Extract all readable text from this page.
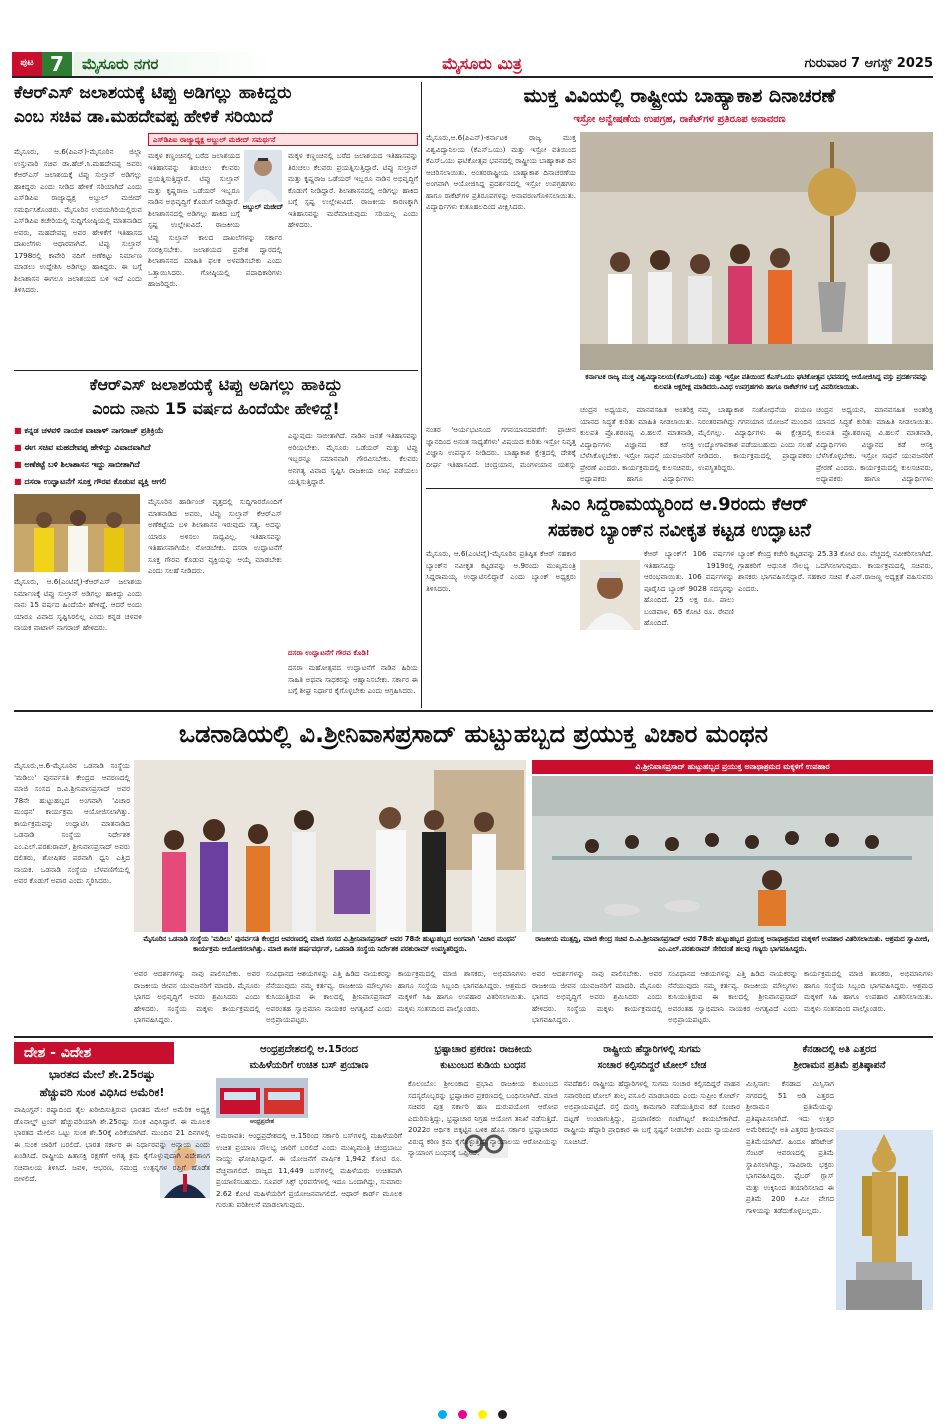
ಪುಟ 7	ಮೈಸೂರು ನಗರ	ಮೈಸೂರು ಮಿತ್ರ	ಗುರುವಾರ 7 ಆಗಸ್ಟ್ 2025
ಕೆಆರ್‌ಎಸ್ ಜಲಾಶಯಕ್ಕೆ ಟಿಪ್ಪು ಅಡಿಗಲ್ಲು ಹಾಕಿದ್ದರು
ಎಂಬ ಸಚಿವ ಡಾ.ಮಹದೇವಪ್ಪ ಹೇಳಿಕೆ ಸರಿಯಿದೆ
ಮೈಸೂರು, ಆ.6(ಪಿಎನ್)-ಮೈಸೂರಿನ ಜಿಲ್ಲಾ ಉಸ್ತುವಾರಿ ಸಚಿವ ಡಾ.ಹೆಚ್.ಸಿ.ಮಹದೇವಪ್ಪ ಅವರು ಕೆಆರ್‌ಎಸ್ ಜಲಾಶಯಕ್ಕೆ ಟಿಪ್ಪು ಸುಲ್ತಾನ್ ಅಡಿಗಲ್ಲು ಹಾಕಿದ್ದರು ಎಂದು ನೀಡಿದ ಹೇಳಿಕೆ ಸರಿಯಾಗಿದೆ ಎಂದು ಎಸ್‌ಡಿಪಿಐ ರಾಜ್ಯಾಧ್ಯಕ್ಷ ಅಬ್ದುಲ್ ಮಜೀದ್ ಸಮರ್ಥಿಸಿಕೊಂಡರು. ಮೈಸೂರಿನ ಉದಯಗಿರಿಯಲ್ಲಿರುವ ಎಸ್‌ಡಿಪಿಐ ಕಚೇರಿಯಲ್ಲಿ ಸುದ್ದಿಗೋಷ್ಠಿಯಲ್ಲಿ ಮಾತನಾಡಿದ ಅವರು, ಮಹದೇವಪ್ಪ ಅವರ ಹೇಳಿಕೆಗೆ ಇತಿಹಾಸದ ದಾಖಲೆಗಳು ಆಧಾರವಾಗಿವೆ. ಟಿಪ್ಪು ಸುಲ್ತಾನ್ 1798ರಲ್ಲಿ ಕಾವೇರಿ ನದಿಗೆ ಅಣೆಕಟ್ಟು ನಿರ್ಮಾಣ ಮಾಡಲು ಉದ್ದೇಶಿಸಿ ಅಡಿಗಲ್ಲು ಹಾಕಿದ್ದರು. ಈ ಬಗ್ಗೆ ಶಿಲಾಶಾಸನ ಈಗಲೂ ಜಲಾಶಯದ ಬಳಿ ಇದೆ ಎಂದು ತಿಳಿಸಿದರು.
ಎಸ್‌ಡಿಪಿಐ ರಾಜ್ಯಾಧ್ಯಕ್ಷ ಅಬ್ದುಲ್ ಮಜೀದ್ ಸಮರ್ಥನೆ
ಮಕ್ಕಳ ಕಣ್ಣಂಚಿನಲ್ಲಿ ಬರೆದ ಜಲಾಶಯದ ಇತಿಹಾಸವನ್ನು ತಿರುಚಲು ಕೆಲವರು ಪ್ರಯತ್ನಿಸುತ್ತಿದ್ದಾರೆ. ಟಿಪ್ಪು ಸುಲ್ತಾನ್ ಮತ್ತು ಕೃಷ್ಣರಾಜ ಒಡೆಯರ್ ಇಬ್ಬರೂ ನಾಡಿನ ಅಭಿವೃದ್ಧಿಗೆ ಕೊಡುಗೆ ನೀಡಿದ್ದಾರೆ. ಶಿಲಾಶಾಸನದಲ್ಲಿ ಅಡಿಗಲ್ಲು ಹಾಕಿದ ಬಗ್ಗೆ ಸ್ಪಷ್ಟ ಉಲ್ಲೇಖವಿದೆ. ರಾಜಕೀಯ
ಅಬ್ದುಲ್ ಮಜೀದ್
ಟಿಪ್ಪು ಸುಲ್ತಾನ್ ಕಾಲದ ದಾಖಲೆಗಳನ್ನು ಸರ್ಕಾರ ಸಂರಕ್ಷಿಸಬೇಕು. ಜಲಾಶಯದ ಪ್ರವೇಶ ದ್ವಾರದಲ್ಲಿ ಶಿಲಾಶಾಸನದ ಮಾಹಿತಿ ಫಲಕ ಅಳವಡಿಸಬೇಕು ಎಂದು ಒತ್ತಾಯಿಸಿದರು. ಗೋಷ್ಠಿಯಲ್ಲಿ ಪದಾಧಿಕಾರಿಗಳು ಹಾಜರಿದ್ದರು.
ಮಕ್ಕಳ ಕಣ್ಣಂಚಿನಲ್ಲಿ ಬರೆದ ಜಲಾಶಯದ ಇತಿಹಾಸವನ್ನು ತಿರುಚಲು ಕೆಲವರು ಪ್ರಯತ್ನಿಸುತ್ತಿದ್ದಾರೆ. ಟಿಪ್ಪು ಸುಲ್ತಾನ್ ಮತ್ತು ಕೃಷ್ಣರಾಜ ಒಡೆಯರ್ ಇಬ್ಬರೂ ನಾಡಿನ ಅಭಿವೃದ್ಧಿಗೆ ಕೊಡುಗೆ ನೀಡಿದ್ದಾರೆ. ಶಿಲಾಶಾಸನದಲ್ಲಿ ಅಡಿಗಲ್ಲು ಹಾಕಿದ ಬಗ್ಗೆ ಸ್ಪಷ್ಟ ಉಲ್ಲೇಖವಿದೆ. ರಾಜಕೀಯ ಕಾರಣಕ್ಕಾಗಿ ಇತಿಹಾಸವನ್ನು ಮರೆಮಾಚುವುದು ಸರಿಯಲ್ಲ ಎಂದು ಹೇಳಿದರು.
ಕೆಆರ್‌ಎಸ್ ಜಲಾಶಯಕ್ಕೆ ಟಿಪ್ಪು ಅಡಿಗಲ್ಲು ಹಾಕಿದ್ದು
ಎಂದು ನಾನು 15 ವರ್ಷದ ಹಿಂದೆಯೇ ಹೇಳಿದ್ದೆ!
■ ಕನ್ನಡ ಚಳವಳಿ ನಾಯಕ ವಾಟಾಳ್ ನಾಗರಾಜ್ ಪ್ರತಿಕ್ರಿಯೆ
■ ಈಗ ಸಚಿವ ಮಹದೇವಪ್ಪ ಹೇಳಿದ್ದು ವಿವಾದವಾಗಿದೆ
■ ಅಣೆಕಟ್ಟೆ ಬಳಿ ಶಿಲಾಶಾಸನ ಇದ್ದು ಸಾಬೀತಾಗಿದೆ
■ ದಸರಾ ಉದ್ಘಾಟನೆಗೆ ಸೂಕ್ತ ಗೌರವ ಕೊಡುವ ವ್ಯಕ್ತಿ ಆಗಲಿ
ಮೈಸೂರು, ಆ.6(ಎಂಟಿವೈ)-ಕೆಆರ್‌ಎಸ್ ಜಲಾಶಯ ನಿರ್ಮಾಣಕ್ಕೆ ಟಿಪ್ಪು ಸುಲ್ತಾನ್ ಅಡಿಗಲ್ಲು ಹಾಕಿದ್ದು ಎಂದು ನಾನು 15 ವರ್ಷದ ಹಿಂದೆಯೇ ಹೇಳಿದ್ದೆ. ಆದರೆ ಅಂದು ಯಾರೂ ವಿವಾದ ಸೃಷ್ಟಿಸಿರಲಿಲ್ಲ ಎಂದು ಕನ್ನಡ ಚಳವಳಿ ನಾಯಕ ವಾಟಾಳ್ ನಾಗರಾಜ್ ಹೇಳಿದರು.
ಮೈಸೂರಿನ ಹಾರ್ಡಿಂಜ್ ವೃತ್ತದಲ್ಲಿ ಸುದ್ದಿಗಾರರೊಂದಿಗೆ ಮಾತನಾಡಿದ ಅವರು, ಟಿಪ್ಪು ಸುಲ್ತಾನ್ ಕೆಆರ್‌ಎಸ್ ಅಣೆಕಟ್ಟೆಯ ಬಳಿ ಶಿಲಾಶಾಸನ ಇರುವುದು ಸತ್ಯ. ಅದನ್ನು ಯಾರೂ ಅಳಿಸಲು ಸಾಧ್ಯವಿಲ್ಲ. ಇತಿಹಾಸವನ್ನು ಇತಿಹಾಸವಾಗಿಯೇ ನೋಡಬೇಕು. ದಸರಾ ಉದ್ಘಾಟನೆಗೆ ಸೂಕ್ತ ಗೌರವ ಕೊಡುವ ವ್ಯಕ್ತಿಯನ್ನು ಆಯ್ಕೆ ಮಾಡಬೇಕು ಎಂದು ಸಲಹೆ ನೀಡಿದರು.
ಎನ್ನುವುದು ಸಾಬೀತಾಗಿದೆ. ನಾಡಿನ ಜನತೆ ಇತಿಹಾಸವನ್ನು ಅರಿಯಬೇಕು. ಮೈಸೂರು ಒಡೆಯರ್ ಮತ್ತು ಟಿಪ್ಪು ಇಬ್ಬರನ್ನೂ ಸಮಾನವಾಗಿ ಗೌರವಿಸಬೇಕು. ಕೆಲವರು ಅನಗತ್ಯ ವಿವಾದ ಸೃಷ್ಟಿಸಿ ರಾಜಕೀಯ ಲಾಭ ಪಡೆಯಲು ಯತ್ನಿಸುತ್ತಿದ್ದಾರೆ.
ದಸರಾ ಉದ್ಘಾಟನೆಗೆ ಗೌರವ ಕೊಡಿ!
ದಸರಾ ಮಹೋತ್ಸವದ ಉದ್ಘಾಟನೆಗೆ ನಾಡಿನ ಹಿರಿಯ ಸಾಹಿತಿ ಅಥವಾ ಸಾಧಕರನ್ನು ಆಹ್ವಾನಿಸಬೇಕು. ಸರ್ಕಾರ ಈ ಬಗ್ಗೆ ಶೀಘ್ರ ನಿರ್ಧಾರ ಕೈಗೊಳ್ಳಬೇಕು ಎಂದು ಆಗ್ರಹಿಸಿದರು.
ಮುಕ್ತ ವಿವಿಯಲ್ಲಿ ರಾಷ್ಟ್ರೀಯ ಬಾಹ್ಯಾಕಾಶ ದಿನಾಚರಣೆ
ಇಸ್ರೋ ಅನ್ವೇಷಣೆಯ ಉಪಗ್ರಹ, ರಾಕೆಟ್‌ಗಳ ಪ್ರತಿರೂಪ ಅನಾವರಣ
ಮೈಸೂರು,ಆ.6(ಪಿಎನ್)-ಕರ್ನಾಟಕ ರಾಜ್ಯ ಮುಕ್ತ ವಿಶ್ವವಿದ್ಯಾನಿಲಯ (ಕೆಎಸ್‌ಒಯು) ಮತ್ತು ಇಸ್ರೋ ವತಿಯಿಂದ ಕೆಎಸ್‌ಒಯು ಘಟಿಕೋತ್ಸವ ಭವನದಲ್ಲಿ ರಾಷ್ಟ್ರೀಯ ಬಾಹ್ಯಾಕಾಶ ದಿನ ಆಚರಿಸಲಾಯಿತು. ಅಂತರರಾಷ್ಟ್ರೀಯ ಬಾಹ್ಯಾಕಾಶ ದಿನಾಚರಣೆಯ ಅಂಗವಾಗಿ ಆಯೋಜಿಸಿದ್ದ ಪ್ರದರ್ಶನದಲ್ಲಿ ಇಸ್ರೋ ಉಪಗ್ರಹಗಳು ಹಾಗೂ ರಾಕೆಟ್‌ಗಳ ಪ್ರತಿರೂಪಗಳನ್ನು ಅನಾವರಣಗೊಳಿಸಲಾಯಿತು. ವಿದ್ಯಾರ್ಥಿಗಳು ಕುತೂಹಲದಿಂದ ವೀಕ್ಷಿಸಿದರು.
ನಂತರ 'ಆರ್ಯಭಟನಿಂದ ಗಗನಯಾನದವರೆಗೆ: ಪ್ರಾಚೀನ ಜ್ಞಾನದಿಂದ ಅನಂತ ಸಾಧ್ಯತೆಗಳು' ವಿಷಯದ ಕುರಿತು ಇಸ್ರೋ ನಿವೃತ್ತ ವಿಜ್ಞಾನಿ ಉಪನ್ಯಾಸ ನೀಡಿದರು. ಬಾಹ್ಯಾಕಾಶ ಕ್ಷೇತ್ರದಲ್ಲಿ ದೇಶಕ್ಕೆ ದೀರ್ಘ ಇತಿಹಾಸವಿದೆ. ಚಂದ್ರಯಾನ, ಮಂಗಳಯಾನ ಯಶಸ್ಸು
ಕರ್ನಾಟಕ ರಾಜ್ಯ ಮುಕ್ತ ವಿಶ್ವವಿದ್ಯಾನಿಲಯ(ಕೆಎಸ್‌ಒಯು) ಮತ್ತು ಇಸ್ರೋ ವತಿಯಿಂದ ಕೆಎಸ್‌ಒಯು ಘಟಿಕೋತ್ಸವ ಭವನದಲ್ಲಿ ಆಯೋಜಿಸಿದ್ದ ವಸ್ತು ಪ್ರದರ್ಶನವನ್ನು ಕುಲಪತಿ ಅಕ್ಷರೀಕ್ಷ ಮಾಡಿದರು.ವಿವಿಧ ಉಪಗ್ರಹಗಳು ಹಾಗೂ ರಾಕೆಟ್‌ಗಳ ಬಗ್ಗೆ ವಿವರಿಸಲಾಯಿತು.
ಚಂದ್ರನ ಅಧ್ಯಯನ, ಮಾನವಸಹಿತ ಅಂತರಿಕ್ಷ ಯಾನದ ಸಿದ್ಧತೆ ಕುರಿತು ಮಾಹಿತಿ ನೀಡಲಾಯಿತು. ಕುಲಪತಿ ಪ್ರೊ.ಶರಣಪ್ಪ ವಿ.ಹಲಸೆ ಮಾತನಾಡಿ, ವಿದ್ಯಾರ್ಥಿಗಳು ವಿಜ್ಞಾನದ ಕಡೆ ಆಸಕ್ತಿ ಬೆಳೆಸಿಕೊಳ್ಳಬೇಕು. ಇಸ್ರೋ ಸಾಧನೆ ಯುವಜನರಿಗೆ ಪ್ರೇರಣೆ ಎಂದರು. ಕಾರ್ಯಕ್ರಮದಲ್ಲಿ ಕುಲಸಚಿವರು, ಅಧ್ಯಾಪಕರು ಹಾಗೂ ವಿದ್ಯಾರ್ಥಿಗಳು
ನಮ್ಮ ಬಾಹ್ಯಾಕಾಶ ಸಂಶೋಧನೆಯ ಪಯಣ ನಿರಂತರವಾಗಿದ್ದು ಗಗನಯಾನ ಯೋಜನೆ ಮುಂದಿನ ಮೈಲಿಗಲ್ಲು. ವಿದ್ಯಾರ್ಥಿಗಳು ಈ ಕ್ಷೇತ್ರದಲ್ಲಿ ಉದ್ಯೋಗಾವಕಾಶ ಪಡೆಯಬಹುದು ಎಂದು ಸಲಹೆ ನೀಡಿದರು. ಕಾರ್ಯಕ್ರಮದಲ್ಲಿ ಪ್ರಾಧ್ಯಾಪಕರು ಉಪಸ್ಥಿತರಿದ್ದರು.
ಚಂದ್ರನ ಅಧ್ಯಯನ, ಮಾನವಸಹಿತ ಅಂತರಿಕ್ಷ ಯಾನದ ಸಿದ್ಧತೆ ಕುರಿತು ಮಾಹಿತಿ ನೀಡಲಾಯಿತು. ಕುಲಪತಿ ಪ್ರೊ.ಶರಣಪ್ಪ ವಿ.ಹಲಸೆ ಮಾತನಾಡಿ, ವಿದ್ಯಾರ್ಥಿಗಳು ವಿಜ್ಞಾನದ ಕಡೆ ಆಸಕ್ತಿ ಬೆಳೆಸಿಕೊಳ್ಳಬೇಕು. ಇಸ್ರೋ ಸಾಧನೆ ಯುವಜನರಿಗೆ ಪ್ರೇರಣೆ ಎಂದರು. ಕಾರ್ಯಕ್ರಮದಲ್ಲಿ ಕುಲಸಚಿವರು, ಅಧ್ಯಾಪಕರು ಹಾಗೂ ವಿದ್ಯಾರ್ಥಿಗಳು
ಸಿಎಂ ಸಿದ್ದರಾಮಯ್ಯರಿಂದ ಆ.9ರಂದು ಕೆಆರ್
ಸಹಕಾರ ಬ್ಯಾಂಕ್‌ನ ನವೀಕೃತ ಕಟ್ಟಡ ಉದ್ಘಾಟನೆ
ಮೈಸೂರು, ಆ.6(ಎಂಟಿವೈ)-ಮೈಸೂರಿನ ಪ್ರತಿಷ್ಠಿತ ಕೆಆರ್ ಸಹಕಾರ ಬ್ಯಾಂಕ್‌ನ ನವೀಕೃತ ಕಟ್ಟಡವನ್ನು ಆ.9ರಂದು ಮುಖ್ಯಮಂತ್ರಿ ಸಿದ್ದರಾಮಯ್ಯ ಉದ್ಘಾಟಿಸಲಿದ್ದಾರೆ ಎಂದು ಬ್ಯಾಂಕ್ ಅಧ್ಯಕ್ಷರು ತಿಳಿಸಿದರು.
ಕೆಆರ್ ಬ್ಯಾಂಕ್‌ಗೆ 106 ವರ್ಷಗಳ ಇತಿಹಾಸವಿದ್ದು 1919ರಲ್ಲಿ ಆರಂಭವಾಯಿತು. 106 ವರ್ಷಗಳನ್ನು ಪೂರೈಸಿದ ಬ್ಯಾಂಕ್ 9028 ಸದಸ್ಯರನ್ನು ಹೊಂದಿದೆ. 25 ಲಕ್ಷ ರೂ. ಪಾಲು ಬಂಡವಾಳ, 65 ಕೋಟಿ ರೂ. ಠೇವಣಿ ಹೊಂದಿದೆ.
ಬ್ಯಾಂಕ್ ಕೇಂದ್ರ ಕಚೇರಿ ಕಟ್ಟಡವನ್ನು 25.33 ಕೋಟಿ ರೂ. ವೆಚ್ಚದಲ್ಲಿ ನವೀಕರಿಸಲಾಗಿದೆ. ಗ್ರಾಹಕರಿಗೆ ಆಧುನಿಕ ಸೌಲಭ್ಯ ಒದಗಿಸಲಾಗುವುದು. ಕಾರ್ಯಕ್ರಮದಲ್ಲಿ ಸಚಿವರು, ಶಾಸಕರು ಭಾಗವಹಿಸಲಿದ್ದಾರೆ. ಸಹಕಾರ ಸಚಿವ ಕೆ.ಎನ್.ರಾಜಣ್ಣ ಅಧ್ಯಕ್ಷತೆ ವಹಿಸುವರು ಎಂದರು.
ಒಡನಾಡಿಯಲ್ಲಿ ವಿ.ಶ್ರೀನಿವಾಸಪ್ರಸಾದ್ ಹುಟ್ಟುಹಬ್ಬದ ಪ್ರಯುಕ್ತ ವಿಚಾರ ಮಂಥನ
ಮೈಸೂರು,ಆ.6-ಮೈಸೂರಿನ ಒಡನಾಡಿ ಸಂಸ್ಥೆಯ 'ಮಡಿಲು' ಪುನರ್ವಸತಿ ಕೇಂದ್ರದ ಆವರಣದಲ್ಲಿ ಮಾಜಿ ಸಂಸದ ದಿ.ವಿ.ಶ್ರೀನಿವಾಸಪ್ರಸಾದ್ ಅವರ 78ನೇ ಹುಟ್ಟುಹಬ್ಬದ ಅಂಗವಾಗಿ 'ವಿಚಾರ ಮಂಥನ' ಕಾರ್ಯಕ್ರಮ ಆಯೋಜಿಸಲಾಗಿತ್ತು. ಕಾರ್ಯಕ್ರಮವನ್ನು ಉದ್ಘಾಟಿಸಿ ಮಾತನಾಡಿದ ಒಡನಾಡಿ ಸಂಸ್ಥೆಯ ನಿರ್ದೇಶಕ ಎಂ.ಎಲ್.ಪರಶುರಾಮ್, ಶ್ರೀನಿವಾಸಪ್ರಸಾದ್ ಅವರು ದಲಿತರು, ಶೋಷಿತರ ಪರವಾಗಿ ಧ್ವನಿ ಎತ್ತಿದ ನಾಯಕ. ಒಡನಾಡಿ ಸಂಸ್ಥೆಯ ಬೆಳವಣಿಗೆಯಲ್ಲಿ ಅವರ ಕೊಡುಗೆ ಅಪಾರ ಎಂದು ಸ್ಮರಿಸಿದರು.
ಮೈಸೂರಿನ ಒಡನಾಡಿ ಸಂಸ್ಥೆಯ 'ಮಡಿಲು' ಪುನರ್ವಸತಿ ಕೇಂದ್ರದ ಆವರಣದಲ್ಲಿ ಮಾಜಿ ಸಂಸದ ವಿ.ಶ್ರೀನಿವಾಸಪ್ರಸಾದ್ ಅವರ 78ನೇ ಹುಟ್ಟುಹಬ್ಬದ ಅಂಗವಾಗಿ 'ವಿಚಾರ ಮಂಥನ' ಕಾರ್ಯಕ್ರಮ ಆಯೋಜಿಸಲಾಗಿತ್ತು. ಮಾಜಿ ಶಾಸಕ ಹರ್ಷವರ್ಧನ್, ಒಡನಾಡಿ ಸಂಸ್ಥೆಯ ನಿರ್ದೇಶಕ ಪರಶುರಾಮ್ ಉಪಸ್ಥಿತರಿದ್ದರು.
ವಿ.ಶ್ರೀನಿವಾಸಪ್ರಸಾದ್ ಹುಟ್ಟುಹಬ್ಬದ ಪ್ರಯುಕ್ತ ಅನಾಥಾಶ್ರಮದ ಮಕ್ಕಳಿಗೆ ಉಪಹಾರ
ರಾಜಕೀಯ ಮುತ್ಸದ್ದಿ, ಮಾಜಿ ಕೇಂದ್ರ ಸಚಿವ ದಿ.ವಿ.ಶ್ರೀನಿವಾಸಪ್ರಸಾದ್ ಅವರ 78ನೇ ಹುಟ್ಟುಹಬ್ಬದ ಪ್ರಯುಕ್ತ ಅನಾಥಾಶ್ರಮದ ಮಕ್ಕಳಿಗೆ ಉಪಹಾರ ವಿತರಿಸಲಾಯಿತು. ಆಶ್ರಮದ ಸ್ವಾಮೀಜಿ, ಎಂ.ಎಲ್.ಪರಶುರಾಮ್ ಸೇರಿದಂತೆ ಹಲವು ಗಣ್ಯರು ಭಾಗವಹಿಸಿದ್ದರು.
ಅವರ ಆದರ್ಶಗಳನ್ನು ನಾವು ಪಾಲಿಸಬೇಕು. ಅವರ ರಾಜಕೀಯ ಜೀವನ ಯುವಜನರಿಗೆ ಮಾದರಿ. ಮೈಸೂರು ಭಾಗದ ಅಭಿವೃದ್ಧಿಗೆ ಅವರು ಶ್ರಮಿಸಿದರು ಎಂದು ಹೇಳಿದರು. ಸಂಸ್ಥೆಯ ಮಕ್ಕಳು ಕಾರ್ಯಕ್ರಮದಲ್ಲಿ ಭಾಗವಹಿಸಿದ್ದರು.
ಸಂವಿಧಾನದ ಆಶಯಗಳನ್ನು ಎತ್ತಿ ಹಿಡಿದ ನಾಯಕರನ್ನು ನೆನೆಯುವುದು ನಮ್ಮ ಕರ್ತವ್ಯ. ರಾಜಕೀಯ ಮೌಲ್ಯಗಳು ಕುಸಿಯುತ್ತಿರುವ ಈ ಕಾಲದಲ್ಲಿ ಶ್ರೀನಿವಾಸಪ್ರಸಾದ್ ಅವರಂತಹ ಸ್ವಾಭಿಮಾನಿ ನಾಯಕರ ಅಗತ್ಯವಿದೆ ಎಂದು ಅಭಿಪ್ರಾಯಪಟ್ಟರು.
ಕಾರ್ಯಕ್ರಮದಲ್ಲಿ ಮಾಜಿ ಶಾಸಕರು, ಅಭಿಮಾನಿಗಳು ಹಾಗೂ ಸಂಸ್ಥೆಯ ಸಿಬ್ಬಂದಿ ಭಾಗವಹಿಸಿದ್ದರು. ಆಶ್ರಮದ ಮಕ್ಕಳಿಗೆ ಸಿಹಿ ಹಾಗೂ ಉಪಹಾರ ವಿತರಿಸಲಾಯಿತು. ಮಕ್ಕಳು ಸಂತಸದಿಂದ ಪಾಲ್ಗೊಂಡರು.
ಅವರ ಆದರ್ಶಗಳನ್ನು ನಾವು ಪಾಲಿಸಬೇಕು. ಅವರ ರಾಜಕೀಯ ಜೀವನ ಯುವಜನರಿಗೆ ಮಾದರಿ. ಮೈಸೂರು ಭಾಗದ ಅಭಿವೃದ್ಧಿಗೆ ಅವರು ಶ್ರಮಿಸಿದರು ಎಂದು ಹೇಳಿದರು. ಸಂಸ್ಥೆಯ ಮಕ್ಕಳು ಕಾರ್ಯಕ್ರಮದಲ್ಲಿ ಭಾಗವಹಿಸಿದ್ದರು.
ಸಂವಿಧಾನದ ಆಶಯಗಳನ್ನು ಎತ್ತಿ ಹಿಡಿದ ನಾಯಕರನ್ನು ನೆನೆಯುವುದು ನಮ್ಮ ಕರ್ತವ್ಯ. ರಾಜಕೀಯ ಮೌಲ್ಯಗಳು ಕುಸಿಯುತ್ತಿರುವ ಈ ಕಾಲದಲ್ಲಿ ಶ್ರೀನಿವಾಸಪ್ರಸಾದ್ ಅವರಂತಹ ಸ್ವಾಭಿಮಾನಿ ನಾಯಕರ ಅಗತ್ಯವಿದೆ ಎಂದು ಅಭಿಪ್ರಾಯಪಟ್ಟರು.
ಕಾರ್ಯಕ್ರಮದಲ್ಲಿ ಮಾಜಿ ಶಾಸಕರು, ಅಭಿಮಾನಿಗಳು ಹಾಗೂ ಸಂಸ್ಥೆಯ ಸಿಬ್ಬಂದಿ ಭಾಗವಹಿಸಿದ್ದರು. ಆಶ್ರಮದ ಮಕ್ಕಳಿಗೆ ಸಿಹಿ ಹಾಗೂ ಉಪಹಾರ ವಿತರಿಸಲಾಯಿತು. ಮಕ್ಕಳು ಸಂತಸದಿಂದ ಪಾಲ್ಗೊಂಡರು.
ದೇಶ - ವಿದೇಶ
ಭಾರತದ ಮೇಲೆ ಶೇ.25ರಷ್ಟು
ಹೆಚ್ಚುವರಿ ಸುಂಕ ವಿಧಿಸಿದ ಅಮೆರಿಕ!
ವಾಷಿಂಗ್ಟನ್: ರಷ್ಯಾದಿಂದ ತೈಲ ಖರೀದಿಸುತ್ತಿರುವ ಭಾರತದ ಮೇಲೆ ಅಮೆರಿಕ ಅಧ್ಯಕ್ಷ ಡೊನಾಲ್ಡ್ ಟ್ರಂಪ್ ಹೆಚ್ಚುವರಿಯಾಗಿ ಶೇ.25ರಷ್ಟು ಸುಂಕ ವಿಧಿಸಿದ್ದಾರೆ. ಈ ಮೂಲಕ ಭಾರತದ ಮೇಲಿನ ಒಟ್ಟು ಸುಂಕ ಶೇ.50ಕ್ಕೆ ಏರಿಕೆಯಾಗಿದೆ. ಮುಂದಿನ 21 ದಿನಗಳಲ್ಲಿ ಈ ಸುಂಕ ಜಾರಿಗೆ ಬರಲಿದೆ. ಭಾರತ ಸರ್ಕಾರ ಈ ನಿರ್ಧಾರವನ್ನು ಅನ್ಯಾಯ ಎಂದು ಖಂಡಿಸಿದೆ. ರಾಷ್ಟ್ರೀಯ ಹಿತಾಸಕ್ತಿ ರಕ್ಷಣೆಗೆ ಅಗತ್ಯ ಕ್ರಮ ಕೈಗೊಳ್ಳುವುದಾಗಿ ವಿದೇಶಾಂಗ ಸಚಿವಾಲಯ ತಿಳಿಸಿದೆ. ಜವಳಿ, ಆಭರಣ, ಸಮುದ್ರ ಉತ್ಪನ್ನಗಳ ರಫ್ತಿಗೆ ಹೊಡೆತ ಬೀಳಲಿದೆ.
ಆಂಧ್ರಪ್ರದೇಶದಲ್ಲಿ ಆ.15ರಂದ
ಮಹಿಳೆಯರಿಗೆ ಉಚಿತ ಬಸ್ ಪ್ರಯಾಣ
ಆಂಧ್ರಪ್ರದೇಶ
ಅಮರಾವತಿ: ಆಂಧ್ರಪ್ರದೇಶದಲ್ಲಿ ಆ.15ರಿಂದ ಸರ್ಕಾರಿ ಬಸ್‌ಗಳಲ್ಲಿ ಮಹಿಳೆಯರಿಗೆ ಉಚಿತ ಪ್ರಯಾಣ ಸೌಲಭ್ಯ ಜಾರಿಗೆ ಬರಲಿದೆ ಎಂದು ಮುಖ್ಯಮಂತ್ರಿ ಚಂದ್ರಬಾಬು ನಾಯ್ಡು ಘೋಷಿಸಿದ್ದಾರೆ. ಈ ಯೋಜನೆಗೆ ವಾರ್ಷಿಕ 1,942 ಕೋಟಿ ರೂ. ವೆಚ್ಚವಾಗಲಿದೆ. ರಾಜ್ಯದ 11,449 ಬಸ್‌ಗಳಲ್ಲಿ ಮಹಿಳೆಯರು ಉಚಿತವಾಗಿ ಪ್ರಯಾಣಿಸಬಹುದು. ಸೂಪರ್ ಸಿಕ್ಸ್ ಭರವಸೆಗಳಲ್ಲಿ ಇದೂ ಒಂದಾಗಿದ್ದು, ಸುಮಾರು 2.62 ಕೋಟಿ ಮಹಿಳೆಯರಿಗೆ ಪ್ರಯೋಜನವಾಗಲಿದೆ. ಆಧಾರ್ ಕಾರ್ಡ್ ಮೂಲಕ ಗುರುತು ಪರಿಶೀಲನೆ ಮಾಡಲಾಗುವುದು.
ಭ್ರಷ್ಟಾಚಾರ ಪ್ರಕರಣ: ರಾಜಕೀಯ
ಕುಟುಂಬದ ಕುಡಿಯ ಬಂಧನ
ಕೊಲಂಬೊ: ಶ್ರೀಲಂಕಾದ ಪ್ರಭಾವಿ ರಾಜಕೀಯ ಕುಟುಂಬದ ಸದಸ್ಯರೊಬ್ಬರನ್ನು ಭ್ರಷ್ಟಾಚಾರ ಪ್ರಕರಣದಲ್ಲಿ ಬಂಧಿಸಲಾಗಿದೆ. ಮಾಜಿ ಸಚಿವರ ಪುತ್ರ ಸರ್ಕಾರಿ ಹಣ ದುರುಪಯೋಗ ಆರೋಪ ಎದುರಿಸುತ್ತಿದ್ದು, ಭ್ರಷ್ಟಾಚಾರ ನಿಗ್ರಹ ಆಯೋಗ ತನಿಖೆ ನಡೆಸುತ್ತಿದೆ. 2022ರ ಆರ್ಥಿಕ ಬಿಕ್ಕಟ್ಟಿನ ಬಳಿಕ ಹೊಸ ಸರ್ಕಾರ ಭ್ರಷ್ಟಾಚಾರದ ವಿರುದ್ಧ ಕಠಿಣ ಕ್ರಮ ಕೈಗೊಳ್ಳುತ್ತಿದೆ. ನ್ಯಾಯಾಲಯ ಆರೋಪಿಯನ್ನು ನ್ಯಾಯಾಂಗ ಬಂಧನಕ್ಕೆ ಒಪ್ಪಿಸಿದೆ.
ರಾಷ್ಟ್ರೀಯ ಹೆದ್ದಾರಿಗಳಲ್ಲಿ ಸುಗಮ
ಸಂಚಾರ ಕಲ್ಪಿಸದಿದ್ದರೆ ಟೋಲ್ ಬೇಡ
ನವದೆಹಲಿ: ರಾಷ್ಟ್ರೀಯ ಹೆದ್ದಾರಿಗಳಲ್ಲಿ ಸುಗಮ ಸಂಚಾರ ಕಲ್ಪಿಸದಿದ್ದರೆ ವಾಹನ ಸವಾರರಿಂದ ಟೋಲ್ ಶುಲ್ಕ ವಸೂಲಿ ಮಾಡಬಾರದು ಎಂದು ಸುಪ್ರೀಂ ಕೋರ್ಟ್ ಅಭಿಪ್ರಾಯಪಟ್ಟಿದೆ. ರಸ್ತೆ ದುರಸ್ತಿ ಕಾಮಗಾರಿ ನಡೆಯುತ್ತಿರುವ ಕಡೆ ಸಂಚಾರ ದಟ್ಟಣೆ ಉಂಟಾಗುತ್ತಿದ್ದು, ಪ್ರಯಾಣಿಕರು ಗಂಟೆಗಟ್ಟಲೆ ಕಾಯಬೇಕಾಗಿದೆ. ರಾಷ್ಟ್ರೀಯ ಹೆದ್ದಾರಿ ಪ್ರಾಧಿಕಾರ ಈ ಬಗ್ಗೆ ಸ್ಪಷ್ಟನೆ ನೀಡಬೇಕು ಎಂದು ನ್ಯಾಯಪೀಠ ಸೂಚಿಸಿದೆ.
ಕೆನಡಾದಲ್ಲಿ ಅತಿ ಎತ್ತರದ
ಶ್ರೀರಾಮನ ಪ್ರತಿಮೆ ಪ್ರತಿಷ್ಠಾಪನೆ
ಮಿಸ್ಸಿಸಾಗ: ಕೆನಡಾದ ಮಿಸ್ಸಿಸಾಗ ನಗರದಲ್ಲಿ 51 ಅಡಿ ಎತ್ತರದ ಶ್ರೀರಾಮನ ಪ್ರತಿಮೆಯನ್ನು ಪ್ರತಿಷ್ಠಾಪಿಸಲಾಗಿದೆ. ಇದು ಉತ್ತರ ಅಮೆರಿಕದಲ್ಲೇ ಅತಿ ಎತ್ತರದ ಶ್ರೀರಾಮನ ಪ್ರತಿಮೆಯಾಗಿದೆ. ಹಿಂದೂ ಹೆರಿಟೇಜ್ ಸೆಂಟರ್ ಆವರಣದಲ್ಲಿ ಪ್ರತಿಮೆ ಸ್ಥಾಪಿಸಲಾಗಿದ್ದು, ಸಾವಿರಾರು ಭಕ್ತರು ಭಾಗವಹಿಸಿದ್ದರು. ಫೈಬರ್ ಗ್ಲಾಸ್ ಮತ್ತು ಉಕ್ಕಿನಿಂದ ತಯಾರಿಸಲಾದ ಈ ಪ್ರತಿಮೆ 200 ಕಿ.ಮೀ ವೇಗದ ಗಾಳಿಯನ್ನು ತಡೆದುಕೊಳ್ಳಬಲ್ಲದು.
